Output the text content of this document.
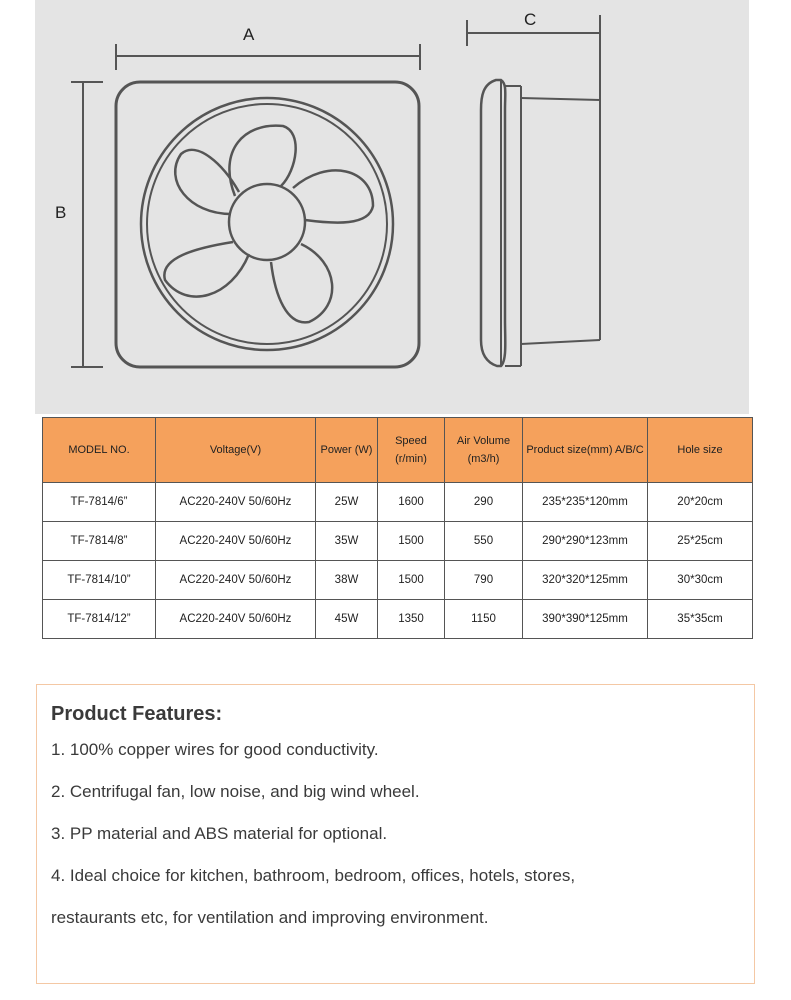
A
B
C
MODEL NO.	Voltage(V)	Power (W)	Speed (r/min)	Air Volume (m3/h)	Product size(mm) A/B/C	Hole size
TF-7814/6”	AC220-240V 50/60Hz	25W	1600	290	235*235*120mm	20*20cm
TF-7814/8”	AC220-240V 50/60Hz	35W	1500	550	290*290*123mm	25*25cm
TF-7814/10”	AC220-240V 50/60Hz	38W	1500	790	320*320*125mm	30*30cm
TF-7814/12”	AC220-240V 50/60Hz	45W	1350	1150	390*390*125mm	35*35cm
Product Features:
1. 100% copper wires for good conductivity.
2. Centrifugal fan, low noise, and big wind wheel.
3. PP material and ABS material for optional.
4. Ideal choice for kitchen, bathroom, bedroom, offices, hotels, stores,
restaurants etc, for ventilation and improving environment.
